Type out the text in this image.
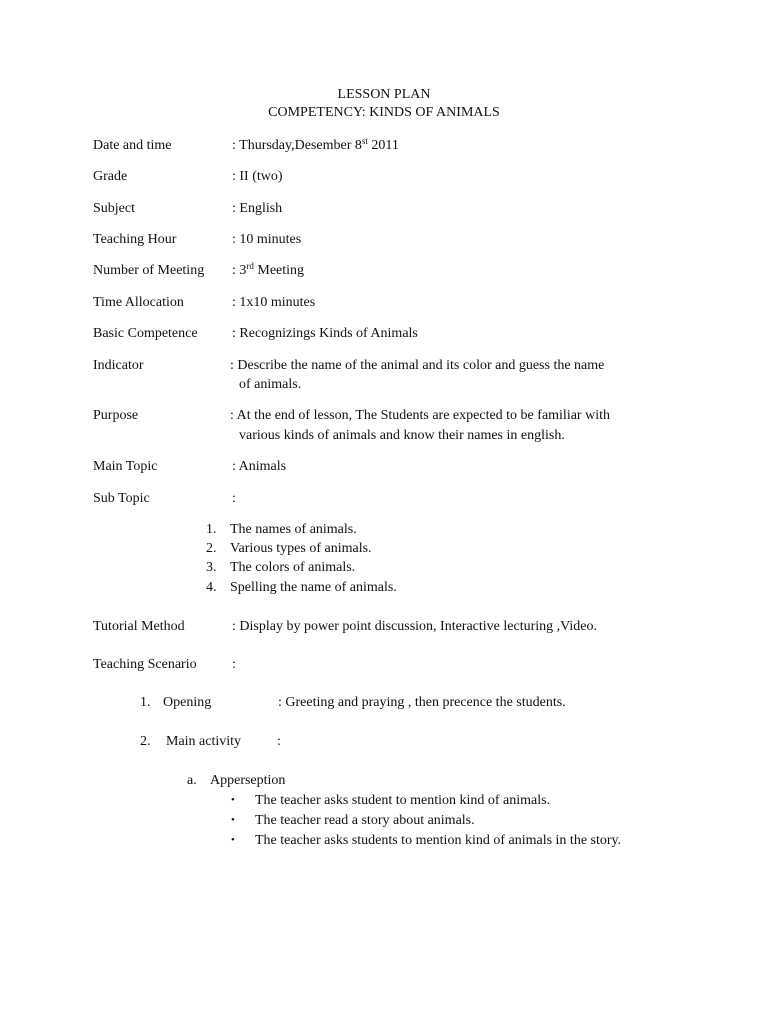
LESSON PLAN
COMPETENCY: KINDS OF ANIMALS
Date and time	: Thursday,Desember 8st 2011
Grade	: II (two)
Subject	: English
Teaching Hour	: 10 minutes
Number of Meeting : 3rd Meeting
Time Allocation	: 1x10 minutes
Basic Competence : Recognizings Kinds of Animals
Indicator	: Describe the name of the animal and its color and guess the name
of animals.
Purpose	: At the end of lesson, The Students are expected to be familiar with
various kinds of animals and know their names in english.
Main Topic	: Animals
Sub Topic	:
1. The names of animals.
2. Various types of animals.
3. The colors of animals.
4. Spelling the name of animals.
Tutorial Method	: Display by power point discussion, Interactive lecturing ,Video.
Teaching Scenario	:
1. Opening	: Greeting and praying , then precence the students.
2. Main activity	:
a. Apperseption
• The teacher asks student to mention kind of animals.
• The teacher read a story about animals.
• The teacher asks students to mention kind of animals in the story.
